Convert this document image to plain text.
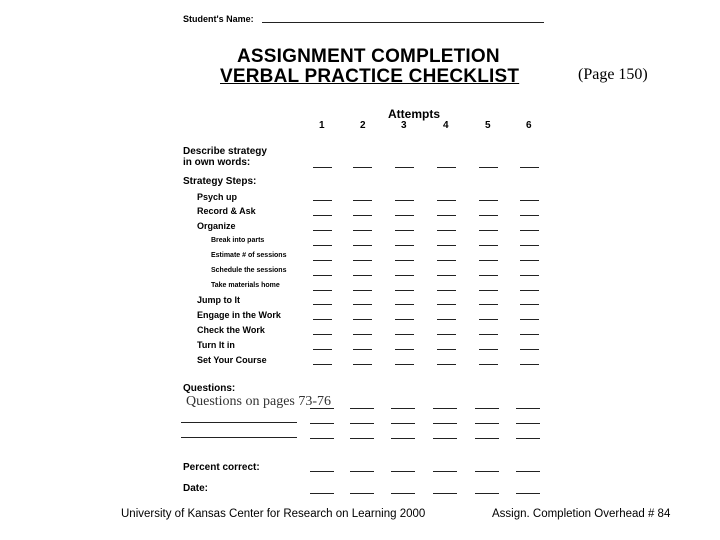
Student's Name:
ASSIGNMENT COMPLETION
VERBAL PRACTICE CHECKLIST	(Page 150)
Attempts
1	2	3	4	5	6
Describe strategy
in own words:
Strategy Steps:
Psych up
Record & Ask
Organize
Break into parts
Estimate # of sessions
Schedule the sessions
Take materials home
Jump to It
Engage in the Work
Check the Work
Turn It in
Set Your Course
Questions:
Questions on pages 73-76
Percent correct:
Date:
University of Kansas Center for Research on Learning 2000	Assign. Completion Overhead # 84
